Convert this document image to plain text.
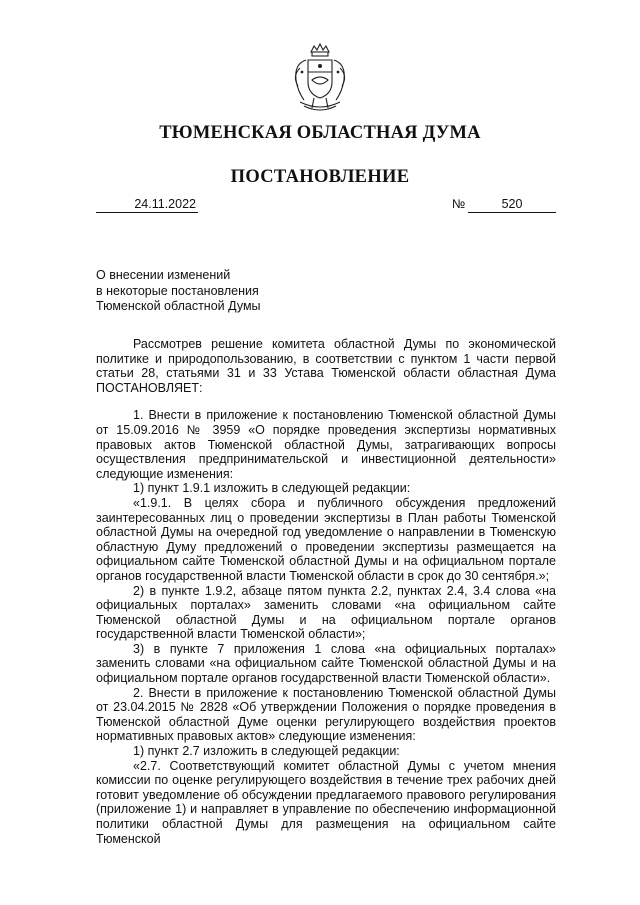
ТЮМЕНСКАЯ ОБЛАСТНАЯ ДУМА
ПОСТАНОВЛЕНИЕ
24.11.2022	№	520
О внесении изменений
в некоторые постановления
Тюменской областной Думы

Рассмотрев решение комитета областной Думы по экономической политике и природопользованию, в соответствии с пунктом 1 части первой статьи 28, статьями 31 и 33 Устава Тюменской области областная Дума ПОСТАНОВЛЯЕТ:

1. Внести в приложение к постановлению Тюменской областной Думы от 15.09.2016 № 3959 «О порядке проведения экспертизы нормативных правовых актов Тюменской областной Думы, затрагивающих вопросы осуществления предпринимательской и инвестиционной деятельности» следующие изменения:

1) пункт 1.9.1 изложить в следующей редакции:

«1.9.1. В целях сбора и публичного обсуждения предложений заинтересованных лиц о проведении экспертизы в План работы Тюменской областной Думы на очередной год уведомление о направлении в Тюменскую областную Думу предложений о проведении экспертизы размещается на официальном сайте Тюменской областной Думы и на официальном портале органов государственной власти Тюменской области в срок до 30 сентября.»;

2) в пункте 1.9.2, абзаце пятом пункта 2.2, пунктах 2.4, 3.4 слова «на официальных порталах» заменить словами «на официальном сайте Тюменской областной Думы и на официальном портале органов государственной власти Тюменской области»;

3) в пункте 7 приложения 1 слова «на официальных порталах» заменить словами «на официальном сайте Тюменской областной Думы и на официальном портале органов государственной власти Тюменской области».

2. Внести в приложение к постановлению Тюменской областной Думы от 23.04.2015 № 2828 «Об утверждении Положения о порядке проведения в Тюменской областной Думе оценки регулирующего воздействия проектов нормативных правовых актов» следующие изменения:

1) пункт 2.7 изложить в следующей редакции:

«2.7. Соответствующий комитет областной Думы с учетом мнения комиссии по оценке регулирующего воздействия в течение трех рабочих дней готовит уведомление об обсуждении предлагаемого правового регулирования (приложение 1) и направляет в управление по обеспечению информационной политики областной Думы для размещения на официальном сайте Тюменской
